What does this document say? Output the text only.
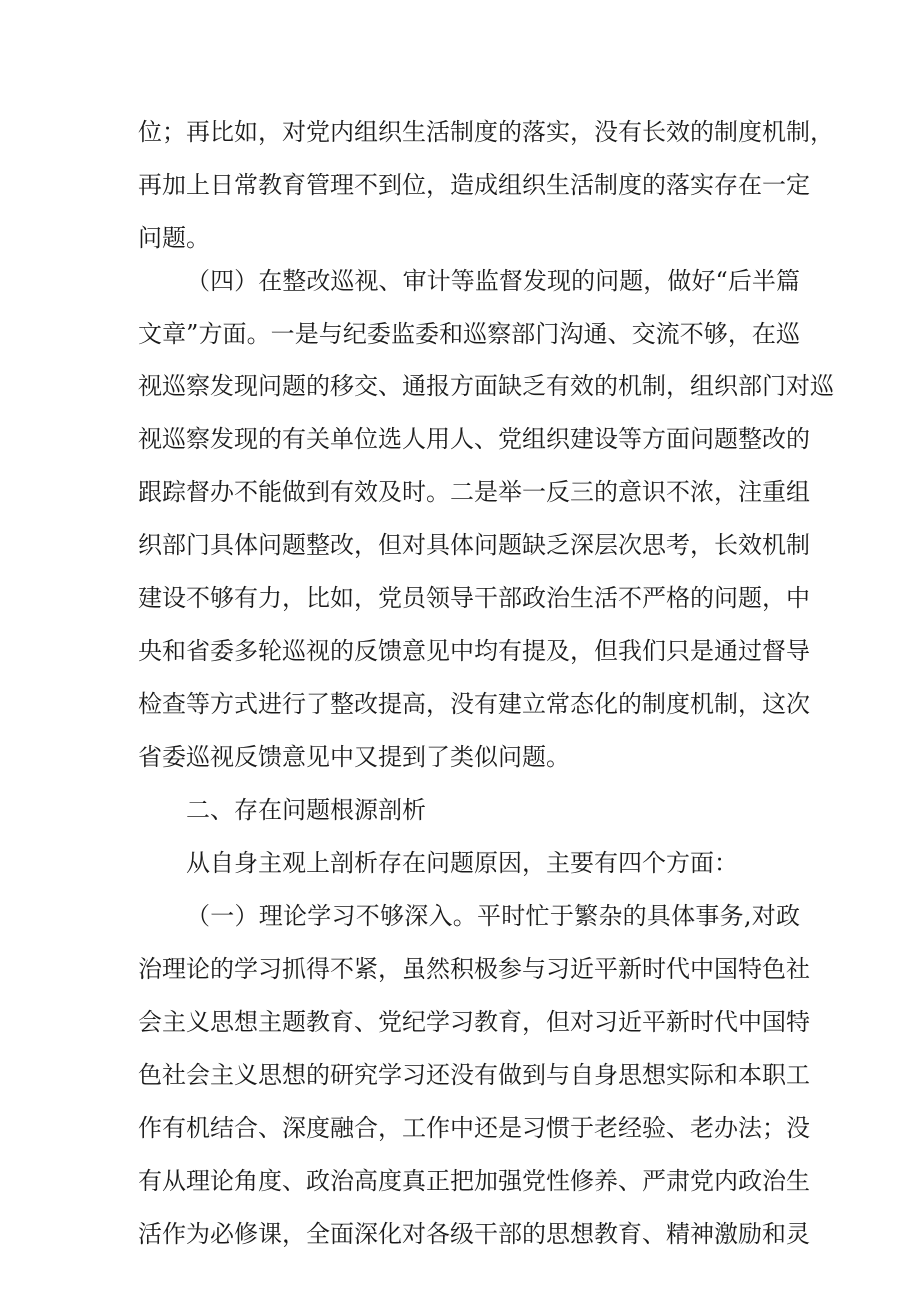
位；再比如，对党内组织生活制度的落实，没有长效的制度机制，
再加上日常教育管理不到位，造成组织生活制度的落实存在一定
问题。
（四）在整改巡视、审计等监督发现的问题，做好“后半篇
文章”方面。一是与纪委监委和巡察部门沟通、交流不够，在巡
视巡察发现问题的移交、通报方面缺乏有效的机制，组织部门对巡
视巡察发现的有关单位选人用人、党组织建设等方面问题整改的
跟踪督办不能做到有效及时。二是举一反三的意识不浓，注重组
织部门具体问题整改，但对具体问题缺乏深层次思考，长效机制
建设不够有力，比如，党员领导干部政治生活不严格的问题，中
央和省委多轮巡视的反馈意见中均有提及，但我们只是通过督导
检查等方式进行了整改提高，没有建立常态化的制度机制，这次
省委巡视反馈意见中又提到了类似问题。
二、存在问题根源剖析
从自身主观上剖析存在问题原因，主要有四个方面：
（一）理论学习不够深入。平时忙于繁杂的具体事务,对政
治理论的学习抓得不紧，虽然积极参与习近平新时代中国特色社
会主义思想主题教育、党纪学习教育，但对习近平新时代中国特
色社会主义思想的研究学习还没有做到与自身思想实际和本职工
作有机结合、深度融合，工作中还是习惯于老经验、老办法；没
有从理论角度、政治高度真正把加强党性修养、严肃党内政治生
活作为必修课，全面深化对各级干部的思想教育、精神激励和灵
